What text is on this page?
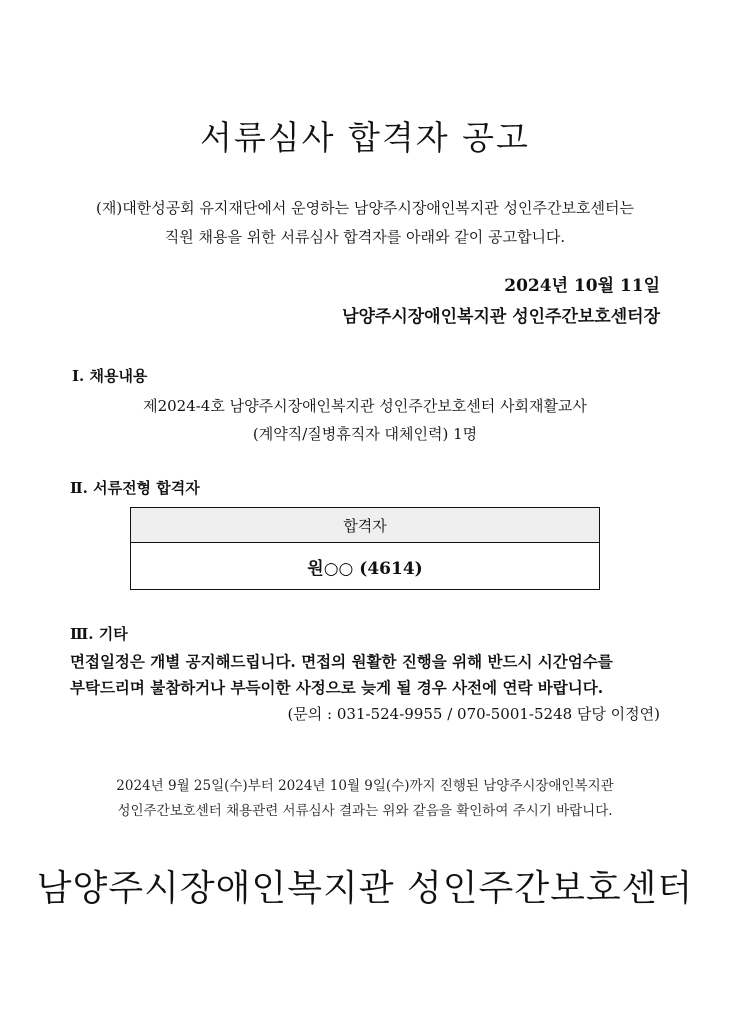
서류심사 합격자 공고
(재)대한성공회 유지재단에서 운영하는 남양주시장애인복지관 성인주간보호센터는
직원 채용을 위한 서류심사 합격자를 아래와 같이 공고합니다.
2024년 10월 11일
남양주시장애인복지관 성인주간보호센터장
Ⅰ. 채용내용
제2024-4호 남양주시장애인복지관 성인주간보호센터 사회재활교사
(계약직/질병휴직자 대체인력) 1명
Ⅱ. 서류전형 합격자
합격자
원○○ (4614)
Ⅲ. 기타
면접일정은 개별 공지해드립니다. 면접의 원활한 진행을 위해 반드시 시간엄수를
부탁드리며 불참하거나 부득이한 사정으로 늦게 될 경우 사전에 연락 바랍니다.
(문의 : 031-524-9955 / 070-5001-5248 담당 이정연)
2024년 9월 25일(수)부터 2024년 10월 9일(수)까지 진행된 남양주시장애인복지관
성인주간보호센터 채용관련 서류심사 결과는 위와 같음을 확인하여 주시기 바랍니다.
남양주시장애인복지관 성인주간보호센터
